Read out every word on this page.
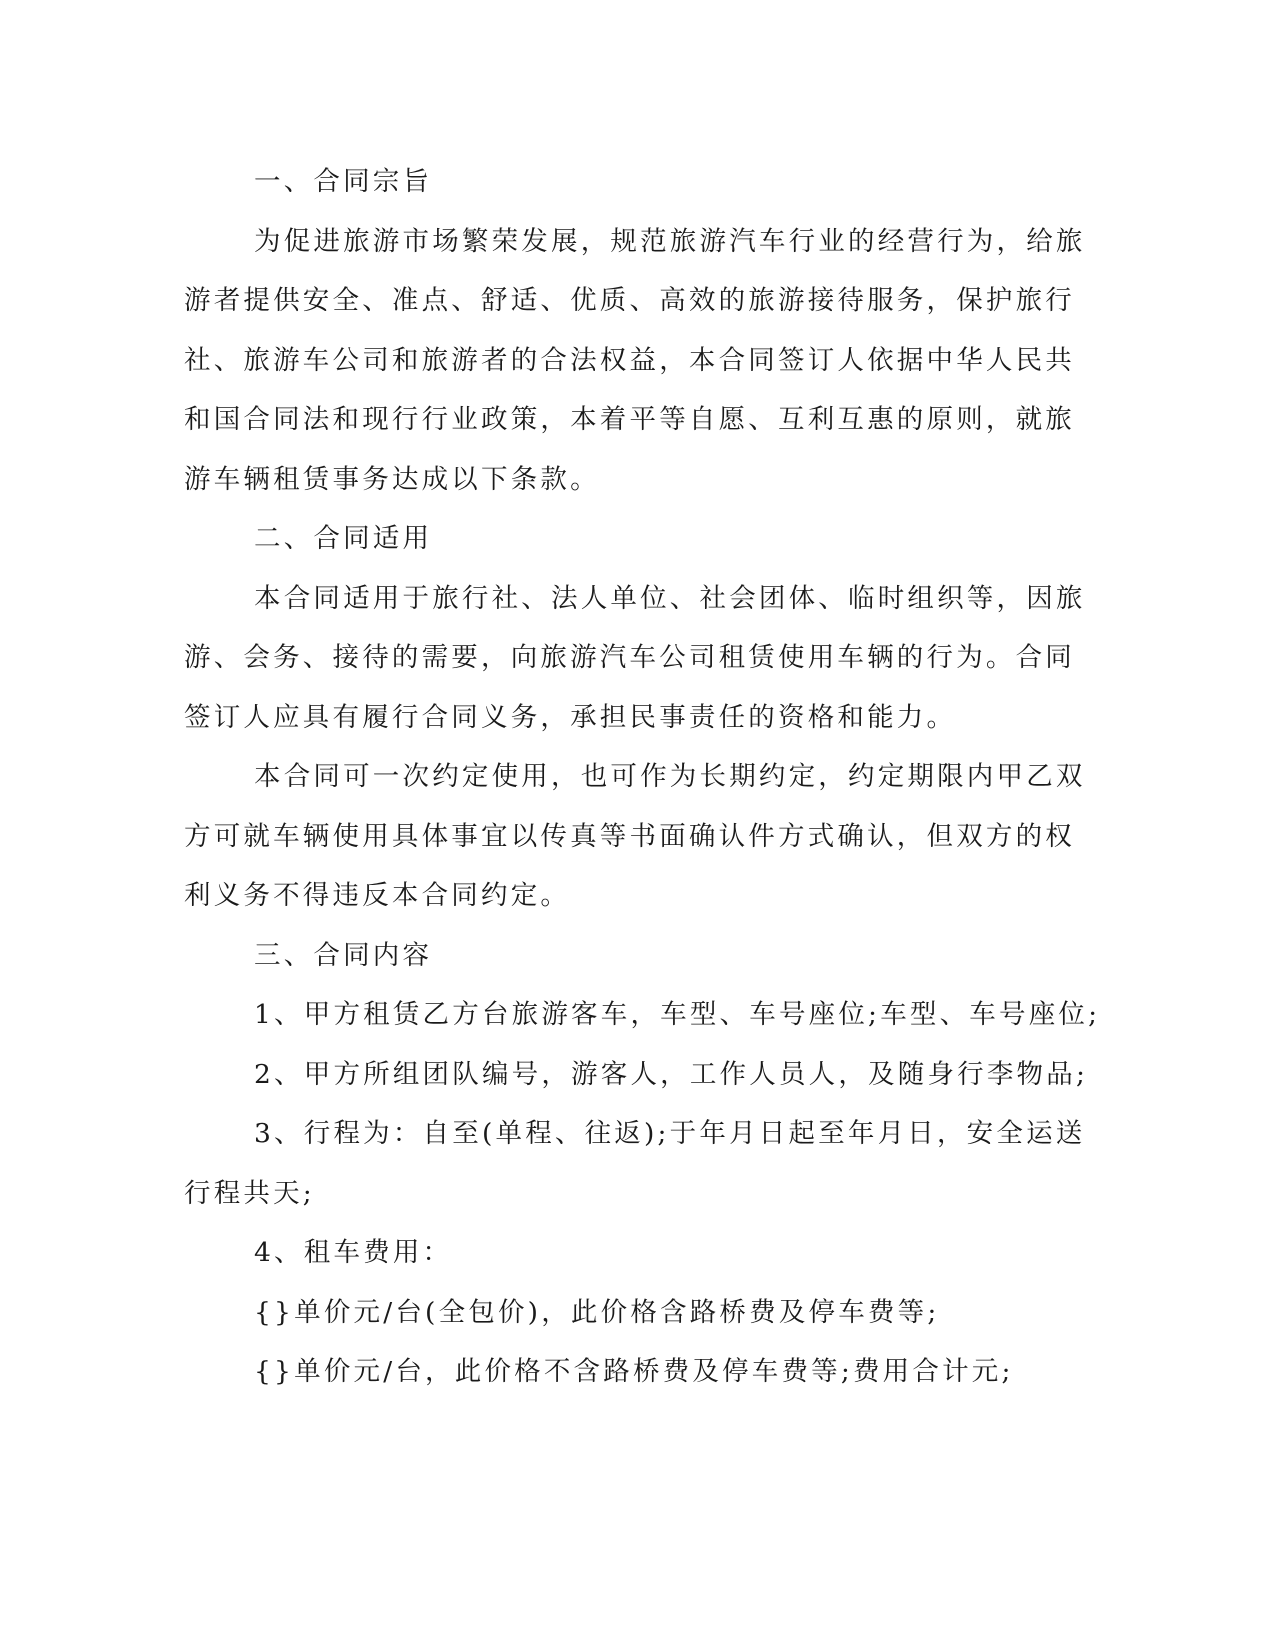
一、合同宗旨
为促进旅游市场繁荣发展，规范旅游汽车行业的经营行为，给旅
游者提供安全、准点、舒适、优质、高效的旅游接待服务，保护旅行
社、旅游车公司和旅游者的合法权益，本合同签订人依据中华人民共
和国合同法和现行行业政策，本着平等自愿、互利互惠的原则，就旅
游车辆租赁事务达成以下条款。
二、合同适用
本合同适用于旅行社、法人单位、社会团体、临时组织等，因旅
游、会务、接待的需要，向旅游汽车公司租赁使用车辆的行为。合同
签订人应具有履行合同义务，承担民事责任的资格和能力。
本合同可一次约定使用，也可作为长期约定，约定期限内甲乙双
方可就车辆使用具体事宜以传真等书面确认件方式确认，但双方的权
利义务不得违反本合同约定。
三、合同内容
1、甲方租赁乙方台旅游客车，车型、车号座位;车型、车号座位;
2、甲方所组团队编号，游客人，工作人员人，及随身行李物品;
3、行程为：自至(单程、往返);于年月日起至年月日，安全运送
行程共天;
4、租车费用：
{}单价元/台(全包价)，此价格含路桥费及停车费等;
{}单价元/台，此价格不含路桥费及停车费等;费用合计元;
